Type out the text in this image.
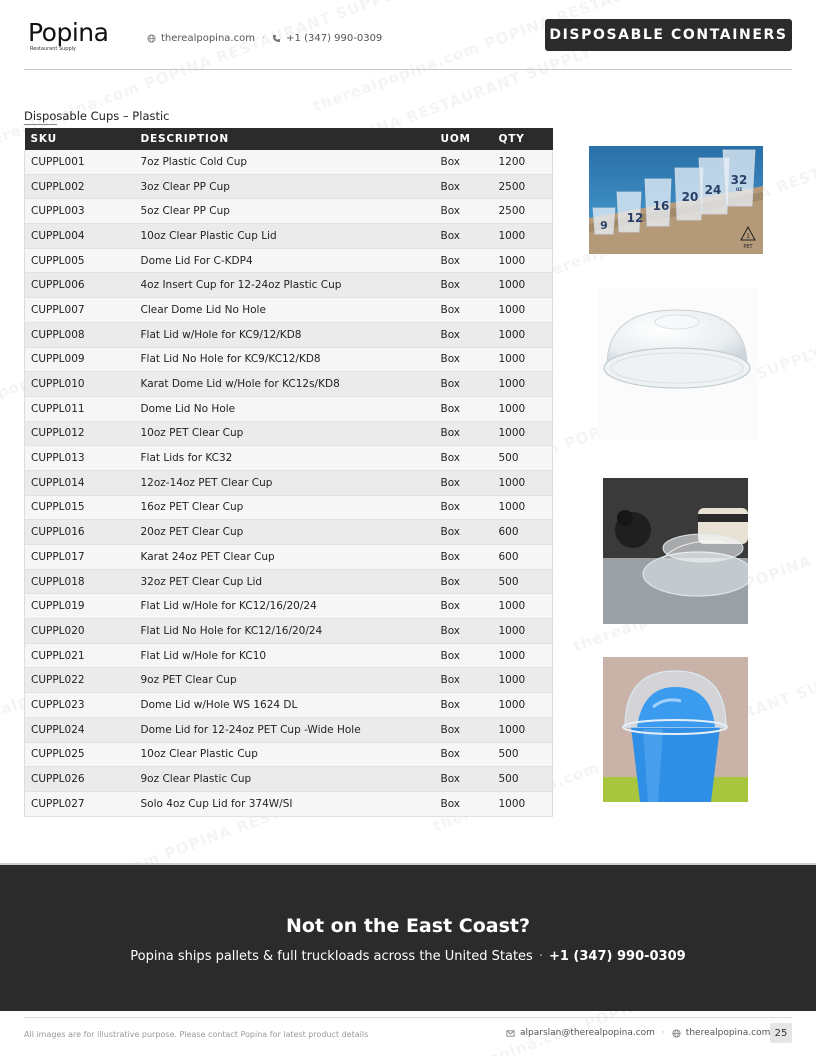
Popina
Restaurant Supply
therealpopina.com · +1 (347) 990-0309	DISPOSABLE CONTAINERS
Disposable Cups – Plastic
SKU	DESCRIPTION	UOM	QTY
CUPPL001	7oz Plastic Cold Cup	Box	1200
CUPPL002	3oz Clear PP Cup	Box	2500
CUPPL003	5oz Clear PP Cup	Box	2500
CUPPL004	10oz Clear Plastic Cup Lid	Box	1000
CUPPL005	Dome Lid For C-KDP4	Box	1000
CUPPL006	4oz Insert Cup for 12-24oz Plastic Cup	Box	1000
CUPPL007	Clear Dome Lid No Hole	Box	1000
CUPPL008	Flat Lid w/Hole for KC9/12/KD8	Box	1000
CUPPL009	Flat Lid No Hole for KC9/KC12/KD8	Box	1000
CUPPL010	Karat Dome Lid w/Hole for KC12s/KD8	Box	1000
CUPPL011	Dome Lid No Hole	Box	1000
CUPPL012	10oz PET Clear Cup	Box	1000
CUPPL013	Flat Lids for KC32	Box	500
CUPPL014	12oz-14oz PET Clear Cup	Box	1000
CUPPL015	16oz PET Clear Cup	Box	1000
CUPPL016	20oz PET Clear Cup	Box	600
CUPPL017	Karat 24oz PET Clear Cup	Box	600
CUPPL018	32oz PET Clear Cup Lid	Box	500
CUPPL019	Flat Lid w/Hole for KC12/16/20/24	Box	1000
CUPPL020	Flat Lid No Hole for KC12/16/20/24	Box	1000
CUPPL021	Flat Lid w/Hole for KC10	Box	1000
CUPPL022	9oz PET Clear Cup	Box	1000
CUPPL023	Dome Lid w/Hole WS 1624 DL	Box	1000
CUPPL024	Dome Lid for 12-24oz PET Cup -Wide Hole	Box	1000
CUPPL025	10oz Clear Plastic Cup	Box	500
CUPPL026	9oz Clear Plastic Cup	Box	500
CUPPL027	Solo 4oz Cup Lid for 374W/SI	Box	1000
9
12
16
20 24
32
OZ
1
PET
Not on the East Coast?
Popina ships pallets & full truckloads across the United States · +1 (347) 990-0309
All images are for illustrative purpose. Please contact Popina for latest product details	alparslan@therealpopina.com · therealpopina.com 25
